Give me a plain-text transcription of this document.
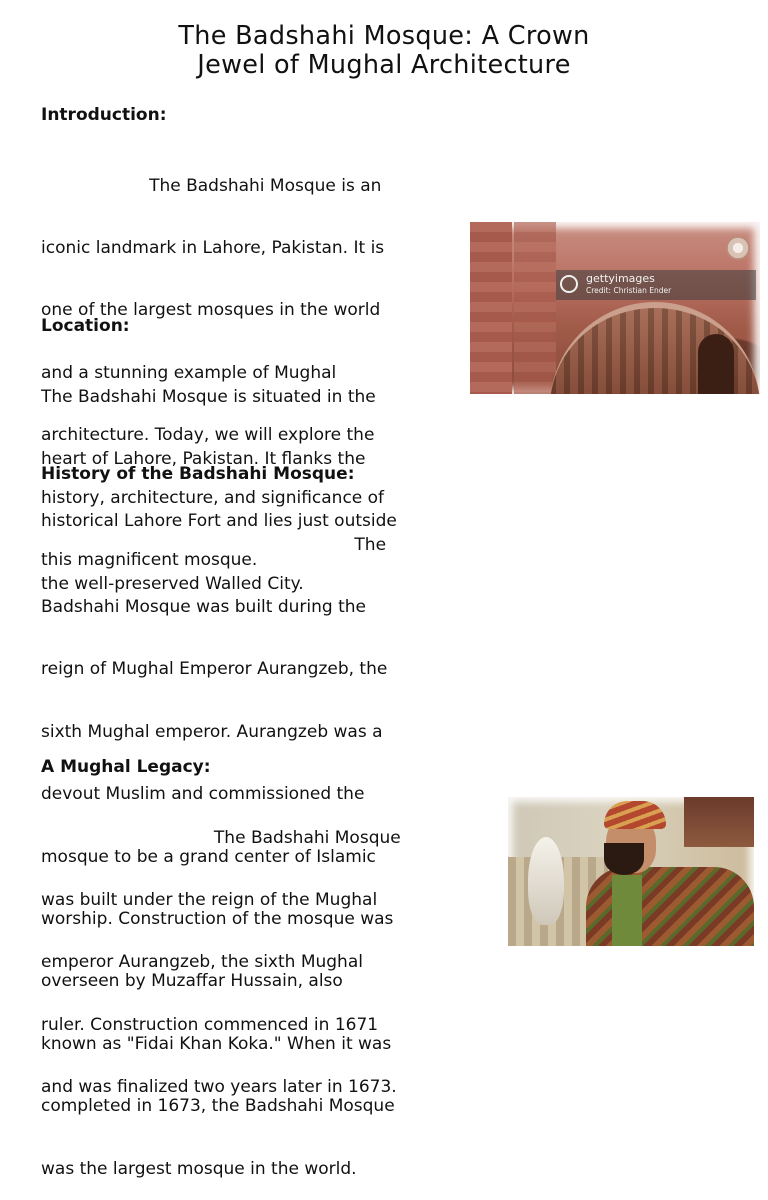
The Badshahi Mosque: A Crown
Jewel of Mughal Architecture
Introduction:

The Badshahi Mosque is an

iconic landmark in Lahore, Pakistan. It is

one of the largest mosques in the world

and a stunning example of Mughal

architecture. Today, we will explore the

history, architecture, and significance of

this magnificent mosque.

Location:

The Badshahi Mosque is situated in the

heart of Lahore, Pakistan. It flanks the

historical Lahore Fort and lies just outside

the well-preserved Walled City.

History of the Badshahi Mosque:

The

Badshahi Mosque was built during the

reign of Mughal Emperor Aurangzeb, the

sixth Mughal emperor. Aurangzeb was a

devout Muslim and commissioned the

mosque to be a grand center of Islamic

worship. Construction of the mosque was

overseen by Muzaffar Hussain, also

known as "Fidai Khan Koka." When it was

completed in 1673, the Badshahi Mosque

was the largest mosque in the world.

A Mughal Legacy:

The Badshahi Mosque

was built under the reign of the Mughal

emperor Aurangzeb, the sixth Mughal

ruler. Construction commenced in 1671

and was finalized two years later in 1673.

gettyimages
Credit: Christian Ender
